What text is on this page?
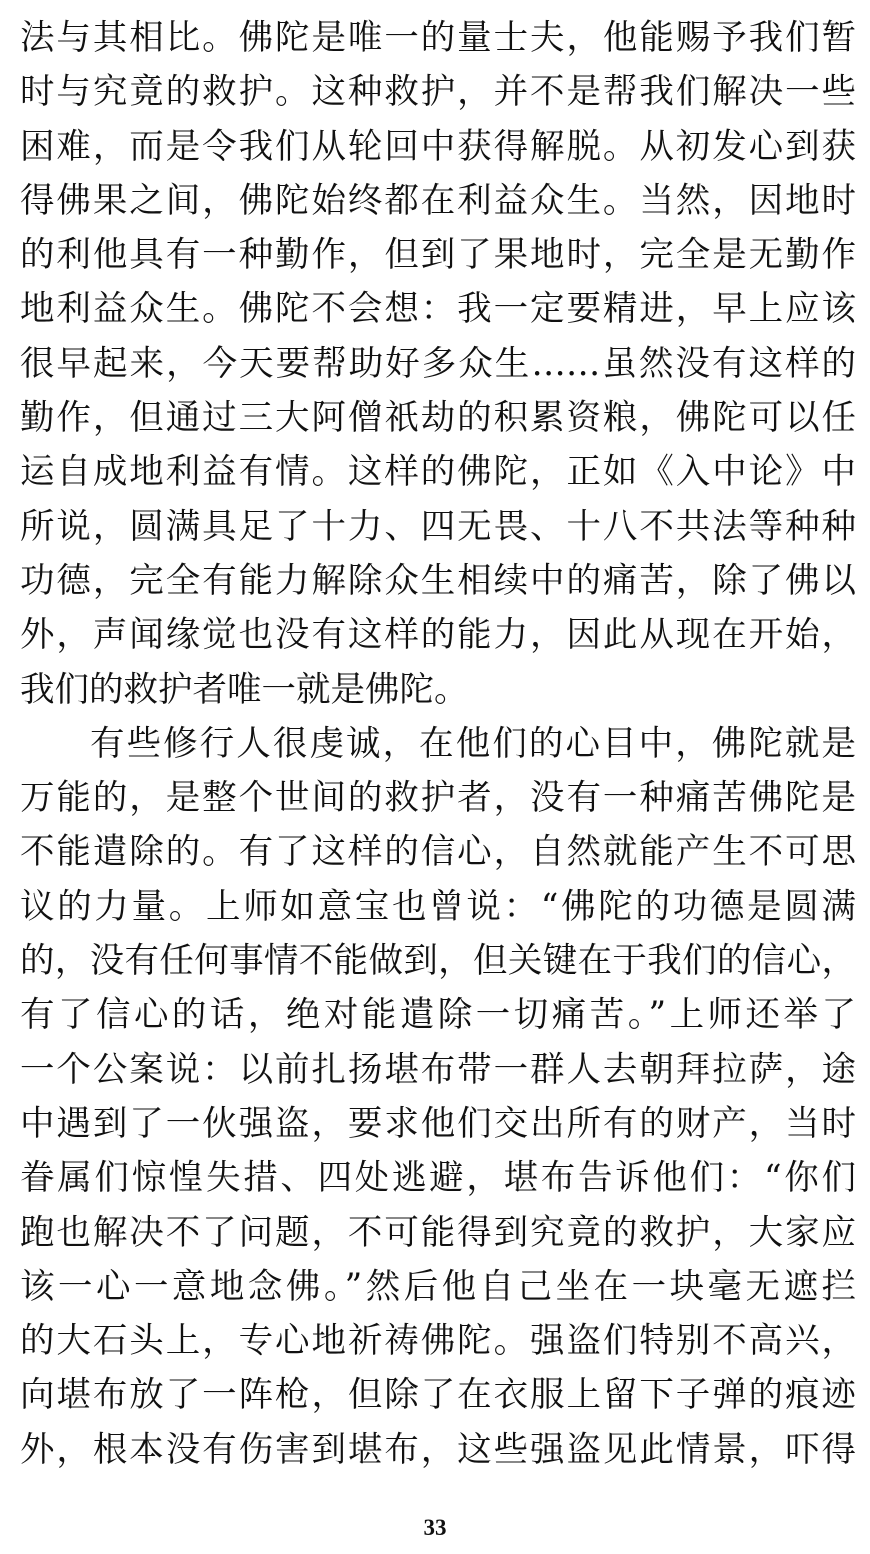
法与其相比。佛陀是唯一的量士夫，他能赐予我们暂
时与究竟的救护。这种救护，并不是帮我们解决一些
困难，而是令我们从轮回中获得解脱。从初发心到获
得佛果之间，佛陀始终都在利益众生。当然，因地时
的利他具有一种勤作，但到了果地时，完全是无勤作
地利益众生。佛陀不会想：我一定要精进，早上应该
很早起来，今天要帮助好多众生……虽然没有这样的
勤作，但通过三大阿僧祇劫的积累资粮，佛陀可以任
运自成地利益有情。这样的佛陀，正如《入中论》中
所说，圆满具足了十力、四无畏、十八不共法等种种
功德，完全有能力解除众生相续中的痛苦，除了佛以
外，声闻缘觉也没有这样的能力，因此从现在开始，
我们的救护者唯一就是佛陀。
有些修行人很虔诚，在他们的心目中，佛陀就是
万能的，是整个世间的救护者，没有一种痛苦佛陀是
不能遣除的。有了这样的信心，自然就能产生不可思
议的力量。上师如意宝也曾说：“佛陀的功德是圆满
的，没有任何事情不能做到，但关键在于我们的信心，
有了信心的话，绝对能遣除一切痛苦。”上师还举了
一个公案说：以前扎扬堪布带一群人去朝拜拉萨，途
中遇到了一伙强盗，要求他们交出所有的财产，当时
眷属们惊惶失措、四处逃避，堪布告诉他们：“你们
跑也解决不了问题，不可能得到究竟的救护，大家应
该一心一意地念佛。”然后他自己坐在一块毫无遮拦
的大石头上，专心地祈祷佛陀。强盗们特别不高兴，
向堪布放了一阵枪，但除了在衣服上留下子弹的痕迹
外，根本没有伤害到堪布，这些强盗见此情景，吓得
33
